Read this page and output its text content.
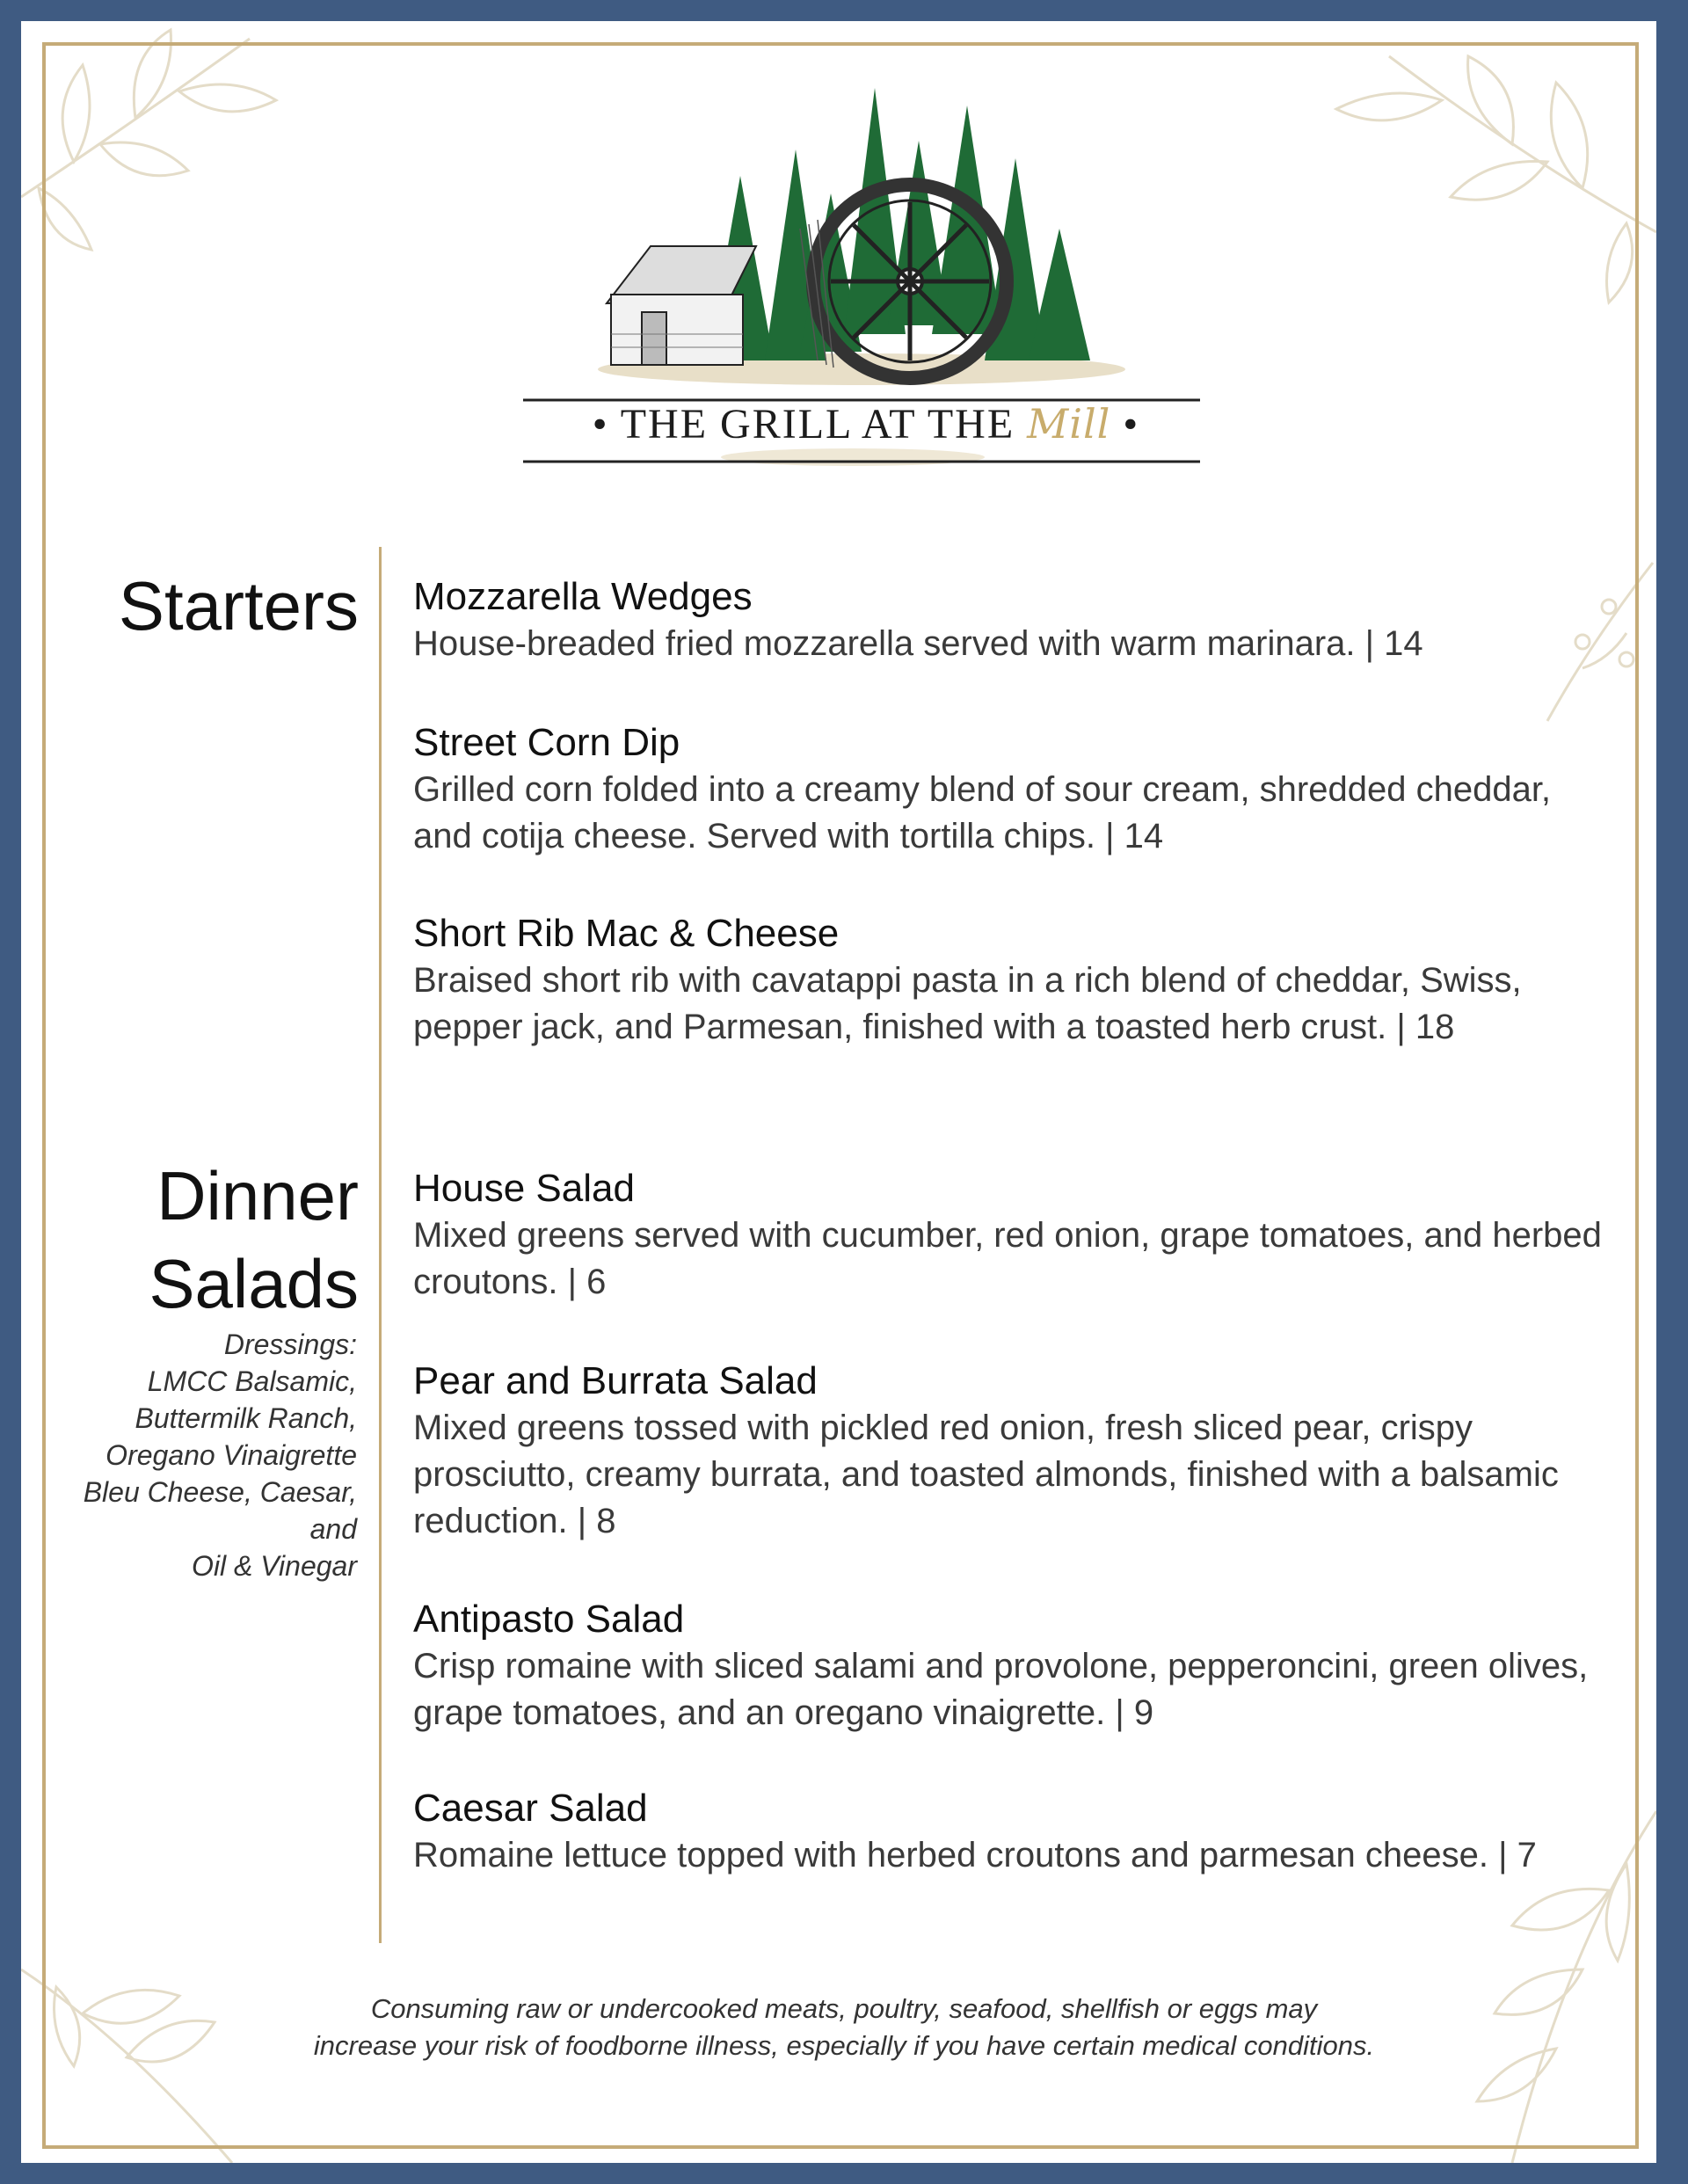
• THE GRILL AT THE Mill •
Starters Mozzarella Wedges
House-breaded fried mozzarella served with warm marinara. | 14
Street Corn Dip
Grilled corn folded into a creamy blend of sour cream, shredded cheddar, and cotija cheese. Served with tortilla chips. | 14
Short Rib Mac & Cheese
Braised short rib with cavatappi pasta in a rich blend of cheddar, Swiss, pepper jack, and Parmesan, finished with a toasted herb crust. | 18
Dinner
Salads
Dressings:
LMCC Balsamic,
Buttermilk Ranch,
Oregano Vinaigrette
Bleu Cheese, Caesar,
and
Oil & Vinegar
House Salad
Mixed greens served with cucumber, red onion, grape tomatoes, and herbed croutons. | 6
Pear and Burrata Salad
Mixed greens tossed with pickled red onion, fresh sliced pear, crispy prosciutto, creamy burrata, and toasted almonds, finished with a balsamic reduction. | 8
Antipasto Salad
Crisp romaine with sliced salami and provolone, pepperoncini, green olives, grape tomatoes, and an oregano vinaigrette. | 9
Caesar Salad
Romaine lettuce topped with herbed croutons and parmesan cheese. | 7
Consuming raw or undercooked meats, poultry, seafood, shellfish or eggs may
increase your risk of foodborne illness, especially if you have certain medical conditions.
